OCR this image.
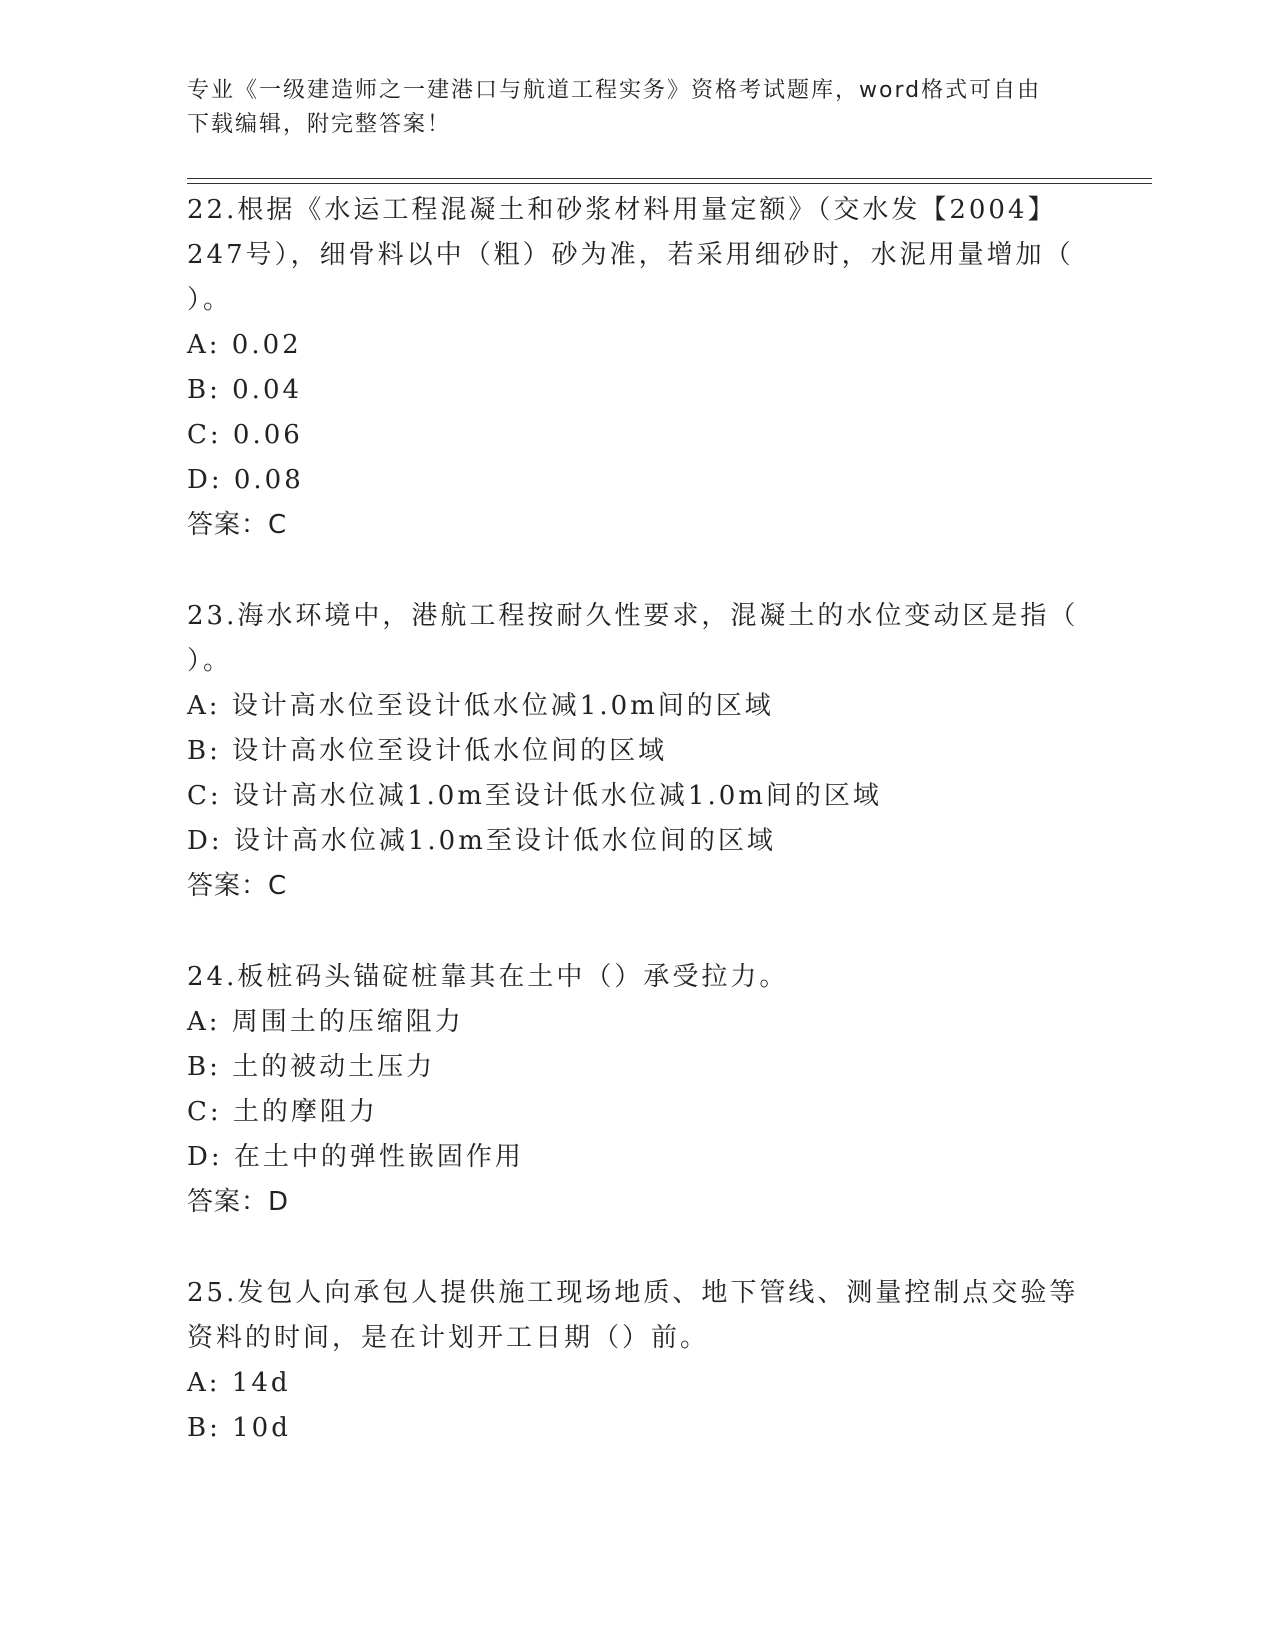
专业《一级建造师之一建港口与航道工程实务》资格考试题库，word格式可自由
下载编辑，附完整答案！
22.根据《水运工程混凝土和砂浆材料用量定额》（交水发【2004】
247号），细骨料以中（粗）砂为准，若采用细砂时，水泥用量增加（
）。
A: 0.02
B: 0.04
C: 0.06
D: 0.08
答案：C
23.海水环境中，港航工程按耐久性要求，混凝土的水位变动区是指（
）。
A: 设计高水位至设计低水位减1.0m间的区域
B: 设计高水位至设计低水位间的区域
C: 设计高水位减1.0m至设计低水位减1.0m间的区域
D: 设计高水位减1.0m至设计低水位间的区域
答案：C
24.板桩码头锚碇桩靠其在土中（）承受拉力。
A: 周围土的压缩阻力
B: 土的被动土压力
C: 土的摩阻力
D: 在土中的弹性嵌固作用
答案：D
25.发包人向承包人提供施工现场地质、地下管线、测量控制点交验等
资料的时间，是在计划开工日期（）前。
A: 14d
B: 10d
